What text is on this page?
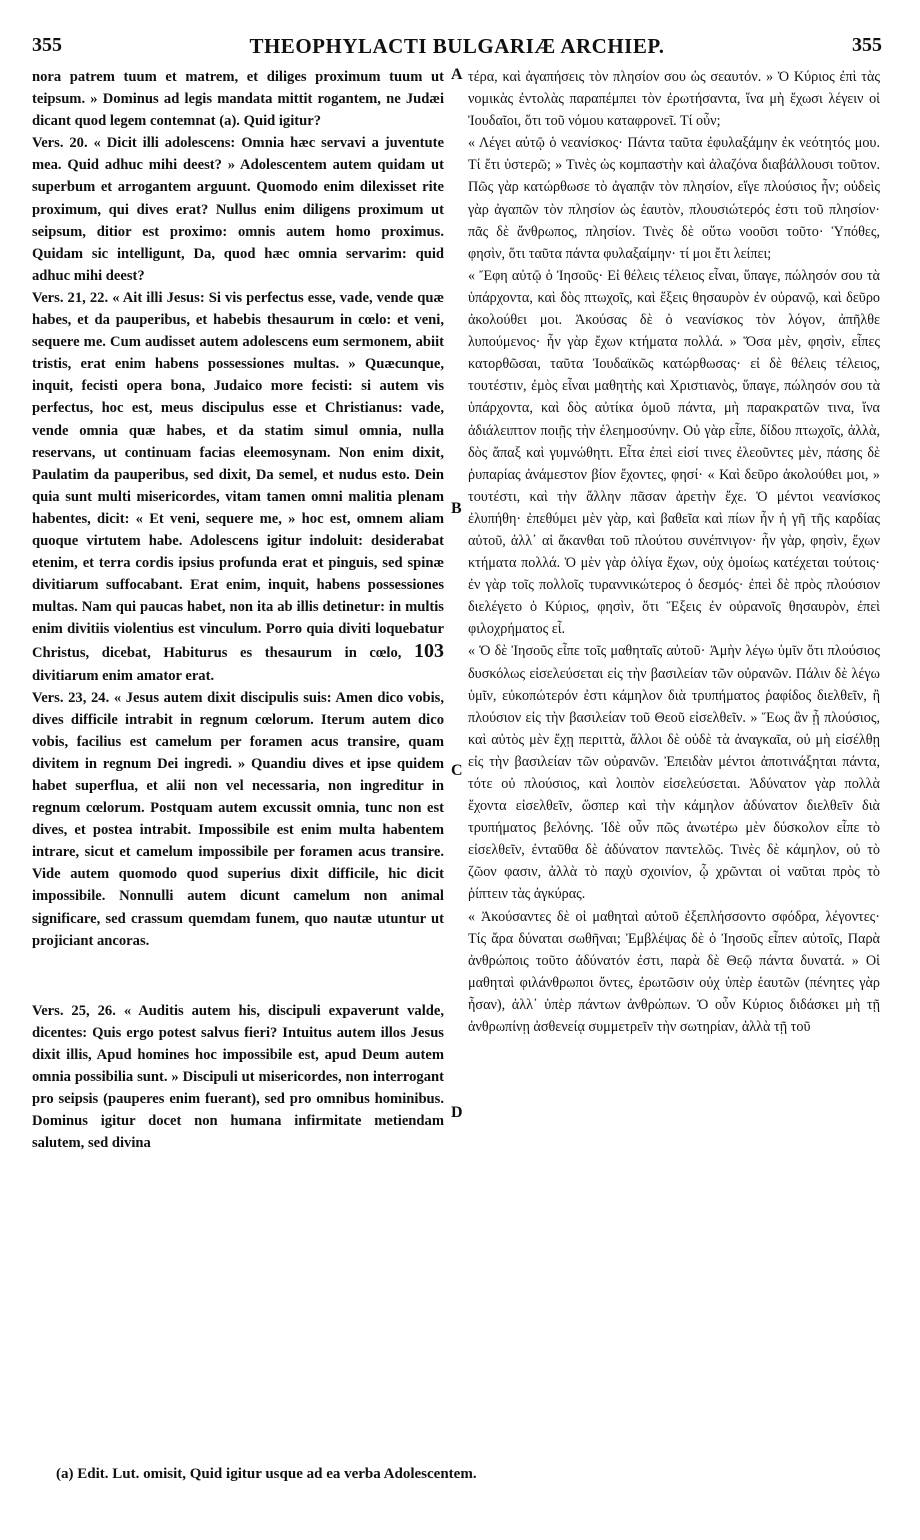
355	THEOPHYLACTI BULGARIÆ ARCHIEP.	355

nora patrem tuum et matrem, et diliges proximum tuum ut teipsum. » Dominus ad legis mandata mittit rogantem, ne Judæi dicant quod legem contemnat (a). Quid igitur?

Vers. 20. « Dicit illi adolescens: Omnia hæc servavi a juventute mea. Quid adhuc mihi deest? » Adolescentem autem quidam ut superbum et arrogantem arguunt. Quomodo enim dilexisset rite proximum, qui dives erat? Nullus enim diligens proximum ut seipsum, ditior est proximo: omnis autem homo proximus. Quidam sic intelligunt, Da, quod hæc omnia servarim: quid adhuc mihi deest?

Vers. 21, 22. « Ait illi Jesus: Si vis perfectus esse, vade, vende quæ habes, et da pauperibus, et habebis thesaurum in cœlo: et veni, sequere me. Cum audisset autem adolescens eum sermonem, abiit tristis, erat enim habens possessiones multas. » Quæcunque, inquit, fecisti opera bona, Judaico more fecisti: si autem vis perfectus, hoc est, meus discipulus esse et Christianus: vade, vende omnia quæ habes, et da statim simul omnia, nulla reservans, ut continuam facias eleemosynam. Non enim dixit, Paulatim da pauperibus, sed dixit, Da semel, et nudus esto. Dein quia sunt multi misericordes, vitam tamen omni malitia plenam habentes, dicit: « Et veni, sequere me, » hoc est, omnem aliam quoque virtutem habe. Adolescens igitur indoluit: desiderabat etenim, et terra cordis ipsius profunda erat et pinguis, sed spinæ divitiarum suffocabant. Erat enim, inquit, habens possessiones multas. Nam qui paucas habet, non ita ab illis detinetur: in multis enim divitiis violentius est vinculum. Porro quia diviti loquebatur Christus, dicebat, Habiturus es thesaurum in cœlo, 103 divitiarum enim amator erat.

Vers. 23, 24. « Jesus autem dixit discipulis suis: Amen dico vobis, dives difficile intrabit in regnum cœlorum. Iterum autem dico vobis, facilius est camelum per foramen acus transire, quam divitem in regnum Dei ingredi. » Quandiu dives et ipse quidem habet superflua, et alii non vel necessaria, non ingreditur in regnum cœlorum. Postquam autem excussit omnia, tunc non est dives, et postea intrabit. Impossibile est enim multa habentem intrare, sicut et camelum impossibile per foramen acus transire. Vide autem quomodo quod superius dixit difficile, hic dicit impossibile. Nonnulli autem dicunt camelum non animal significare, sed crassum quemdam funem, quo nautæ utuntur ut projiciant ancoras.

Vers. 25, 26. « Auditis autem his, discipuli expaverunt valde, dicentes: Quis ergo potest salvus fieri? Intuitus autem illos Jesus dixit illis, Apud homines hoc impossibile est, apud Deum autem omnia possibilia sunt. » Discipuli ut misericordes, non interrogant pro seipsis (pauperes enim fuerant), sed pro omnibus hominibus. Dominus igitur docet non humana infirmitate metiendam salutem, sed divina

A
B
C
D

τέρα, καὶ ἀγαπήσεις τὸν πλησίον σου ὡς σεαυτόν. » Ὁ Κύριος ἐπὶ τὰς νομικὰς ἐντολὰς παραπέμπει τὸν ἐρωτήσαντα, ἵνα μὴ ἔχωσι λέγειν οἱ Ἰουδαῖοι, ὅτι τοῦ νόμου καταφρονεῖ. Τί οὖν;

« Λέγει αὐτῷ ὁ νεανίσκος· Πάντα ταῦτα ἐφυλαξάμην ἐκ νεότητός μου. Τί ἔτι ὑστερῶ; » Τινὲς ὡς κομπαστὴν καὶ ἀλαζόνα διαβάλλουσι τοῦτον. Πῶς γὰρ κατώρθωσε τὸ ἀγαπᾷν τὸν πλησίον, εἴγε πλούσιος ἦν; οὐδεὶς γὰρ ἀγαπῶν τὸν πλησίον ὡς ἑαυτὸν, πλουσιώτερός ἐστι τοῦ πλησίον· πᾶς δὲ ἄνθρωπος, πλησίον. Τινὲς δὲ οὕτω νοοῦσι τοῦτο· Ὑπόθες, φησὶν, ὅτι ταῦτα πάντα φυλαξαίμην· τί μοι ἔτι λείπει;

« Ἔφη αὐτῷ ὁ Ἰησοῦς· Εἰ θέλεις τέλειος εἶναι, ὕπαγε, πώλησόν σου τὰ ὑπάρχοντα, καὶ δὸς πτωχοῖς, καὶ ἕξεις θησαυρὸν ἐν οὐρανῷ, καὶ δεῦρο ἀκολούθει μοι. Ἀκούσας δὲ ὁ νεανίσκος τὸν λόγον, ἀπῆλθε λυπούμενος· ἦν γὰρ ἔχων κτήματα πολλά. » Ὅσα μὲν, φησὶν, εἶπες κατορθῶσαι, ταῦτα Ἰουδαϊκῶς κατώρθωσας· εἰ δὲ θέλεις τέλειος, τουτέστιν, ἐμὸς εἶναι μαθητὴς καὶ Χριστιανὸς, ὕπαγε, πώλησόν σου τὰ ὑπάρχοντα, καὶ δὸς αὐτίκα ὁμοῦ πάντα, μὴ παρακρατῶν τινα, ἵνα ἀδιάλειπτον ποιῇς τὴν ἐλεημοσύνην. Οὐ γὰρ εἶπε, δίδου πτωχοῖς, ἀλλὰ, δὸς ἅπαξ καὶ γυμνώθητι. Εἶτα ἐπεὶ εἰσί τινες ἐλεοῦντες μὲν, πάσης δὲ ῥυπαρίας ἀνάμεστον βίον ἔχοντες, φησί· « Καὶ δεῦρο ἀκολούθει μοι, » τουτέστι, καὶ τὴν ἄλλην πᾶσαν ἀρετὴν ἔχε. Ὁ μέντοι νεανίσκος ἐλυπήθη· ἐπεθύμει μὲν γὰρ, καὶ βαθεῖα καὶ πίων ἦν ἡ γῆ τῆς καρδίας αὐτοῦ, ἀλλ᾽ αἱ ἄκανθαι τοῦ πλούτου συνέπνιγον· ἦν γὰρ, φησὶν, ἔχων κτήματα πολλά. Ὁ μὲν γὰρ ὀλίγα ἔχων, οὐχ ὁμοίως κατέχεται τούτοις· ἐν γὰρ τοῖς πολλοῖς τυραννικώτερος ὁ δεσμός· ἐπεὶ δὲ πρὸς πλούσιον διελέγετο ὁ Κύριος, φησὶν, ὅτι Ἕξεις ἐν οὐρανοῖς θησαυρὸν, ἐπεὶ φιλοχρήματος εἶ.

« Ὁ δὲ Ἰησοῦς εἶπε τοῖς μαθηταῖς αὐτοῦ· Ἀμὴν λέγω ὑμῖν ὅτι πλούσιος δυσκόλως εἰσελεύσεται εἰς τὴν βασιλείαν τῶν οὐρανῶν. Πάλιν δὲ λέγω ὑμῖν, εὐκοπώτερόν ἐστι κάμηλον διὰ τρυπήματος ῥαφίδος διελθεῖν, ἢ πλούσιον εἰς τὴν βασιλείαν τοῦ Θεοῦ εἰσελθεῖν. » Ἕως ἂν ᾖ πλούσιος, καὶ αὐτὸς μὲν ἔχῃ περιττὰ, ἄλλοι δὲ οὐδὲ τὰ ἀναγκαῖα, οὐ μὴ εἰσέλθῃ εἰς τὴν βασιλείαν τῶν οὐρανῶν. Ἐπειδὰν μέντοι ἀποτινάξηται πάντα, τότε οὐ πλούσιος, καὶ λοιπὸν εἰσελεύσεται. Ἀδύνατον γὰρ πολλὰ ἔχοντα εἰσελθεῖν, ὥσπερ καὶ τὴν κάμηλον ἀδύνατον διελθεῖν διὰ τρυπήματος βελόνης. Ἰδὲ οὖν πῶς ἀνωτέρω μὲν δύσκολον εἶπε τὸ εἰσελθεῖν, ἐνταῦθα δὲ ἀδύνατον παντελῶς. Τινὲς δὲ κάμηλον, οὐ τὸ ζῶον φασιν, ἀλλὰ τὸ παχὺ σχοινίον, ᾧ χρῶνται οἱ ναῦται πρὸς τὸ ῥίπτειν τὰς ἀγκύρας.

« Ἀκούσαντες δὲ οἱ μαθηταὶ αὐτοῦ ἐξεπλήσσοντο σφόδρα, λέγοντες· Τίς ἄρα δύναται σωθῆναι; Ἐμβλέψας δὲ ὁ Ἰησοῦς εἶπεν αὐτοῖς, Παρὰ ἀνθρώποις τοῦτο ἀδύνατόν ἐστι, παρὰ δὲ Θεῷ πάντα δυνατά. » Οἱ μαθηταὶ φιλάνθρωποι ὄντες, ἐρωτῶσιν οὐχ ὑπὲρ ἑαυτῶν (πένητες γὰρ ἦσαν), ἀλλ᾽ ὑπὲρ πάντων ἀνθρώπων. Ὁ οὖν Κύριος διδάσκει μὴ τῇ ἀνθρωπίνῃ ἀσθενείᾳ συμμετρεῖν τὴν σωτηρίαν, ἀλλὰ τῇ τοῦ

(a) Edit. Lut. omisit, Quid igitur usque ad ea verba Adolescentem.
